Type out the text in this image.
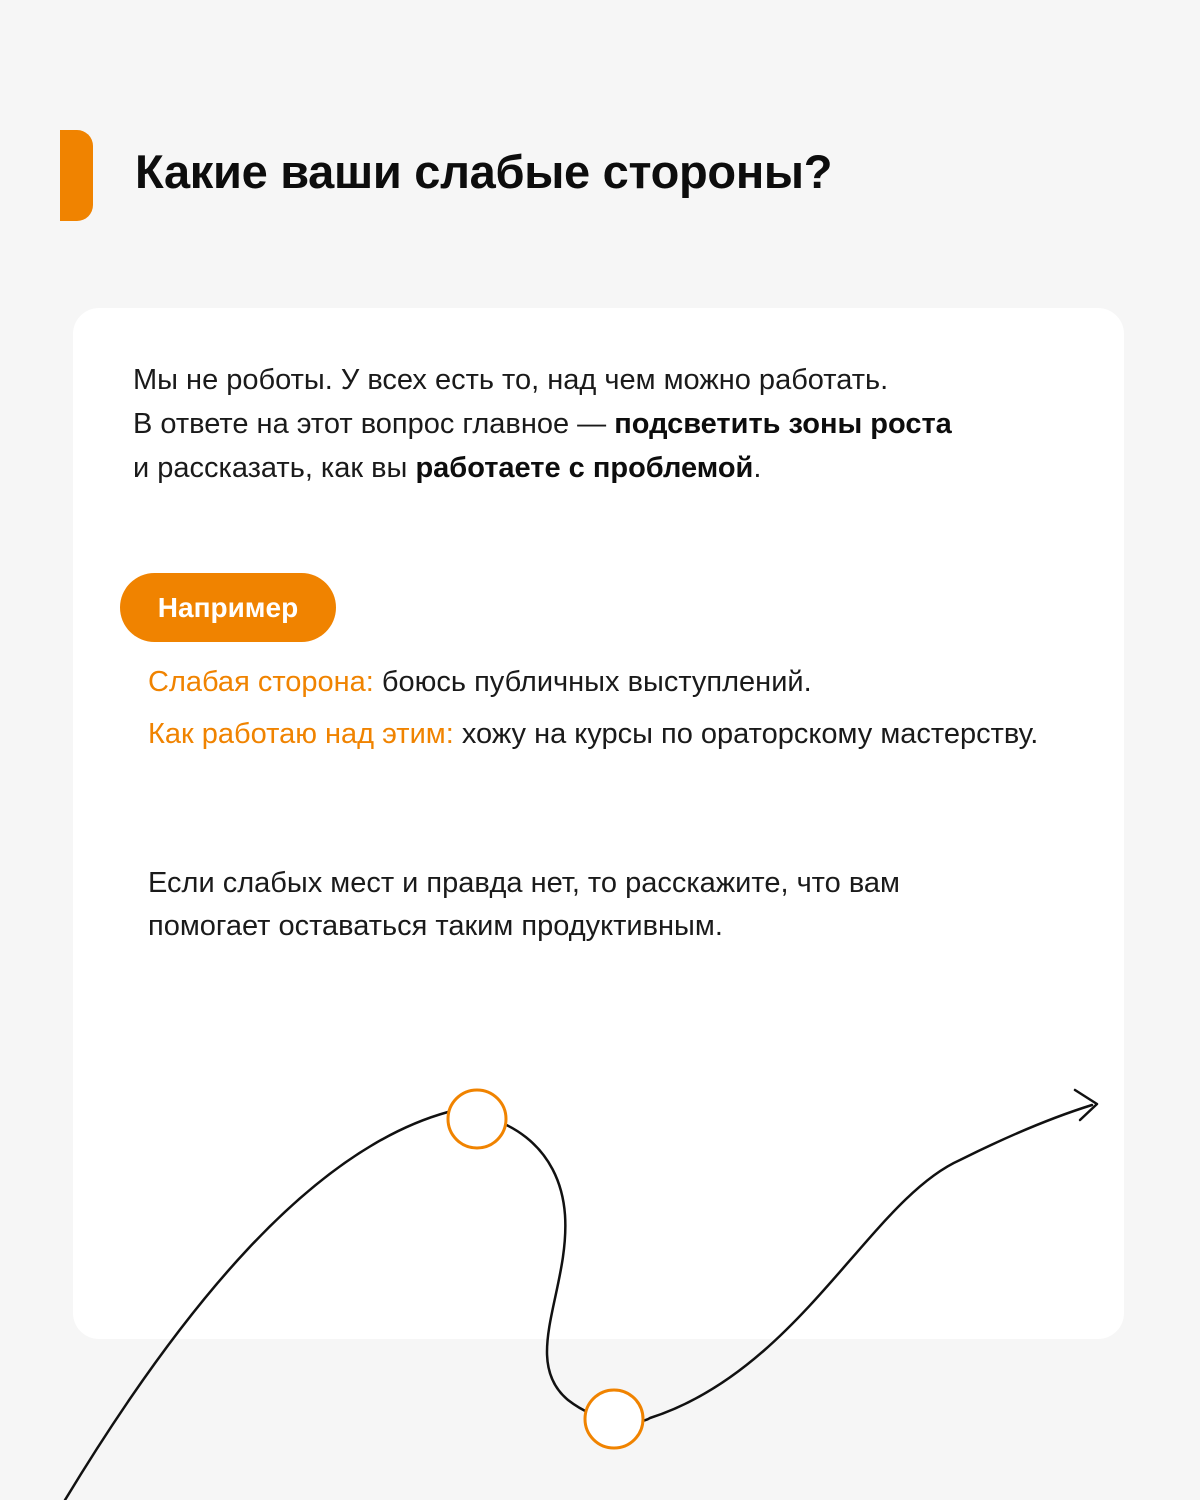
Какие ваши слабые стороны?

Мы не роботы. У всех есть то, над чем можно работать.
В ответе на этот вопрос главное — подсветить зоны роста
и рассказать, как вы работаете с проблемой.

Например

Слабая сторона: боюсь публичных выступлений.

Как работаю над этим: хожу на курсы по ораторскому мастерству.

Если слабых мест и правда нет, то расскажите, что вам
помогает оставаться таким продуктивным.
